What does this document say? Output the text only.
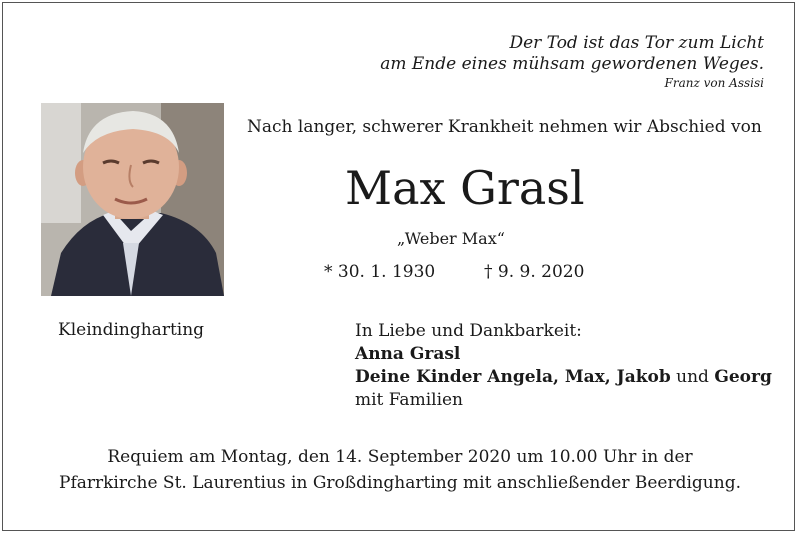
Der Tod ist das Tor zum Licht
am Ende eines mühsam gewordenen Weges.
Franz von Assisi
Nach langer, schwerer Krankheit nehmen wir Abschied von
Max Grasl
„Weber Max“
* 30. 1. 1930	† 9. 9. 2020
Kleindingharting	In Liebe und Dankbarkeit:
Anna Grasl
Deine Kinder Angela, Max, Jakob und Georg
mit Familien
Requiem am Montag, den 14. September 2020 um 10.00 Uhr in der
Pfarrkirche St. Laurentius in Großdingharting mit anschließender Beerdigung.
